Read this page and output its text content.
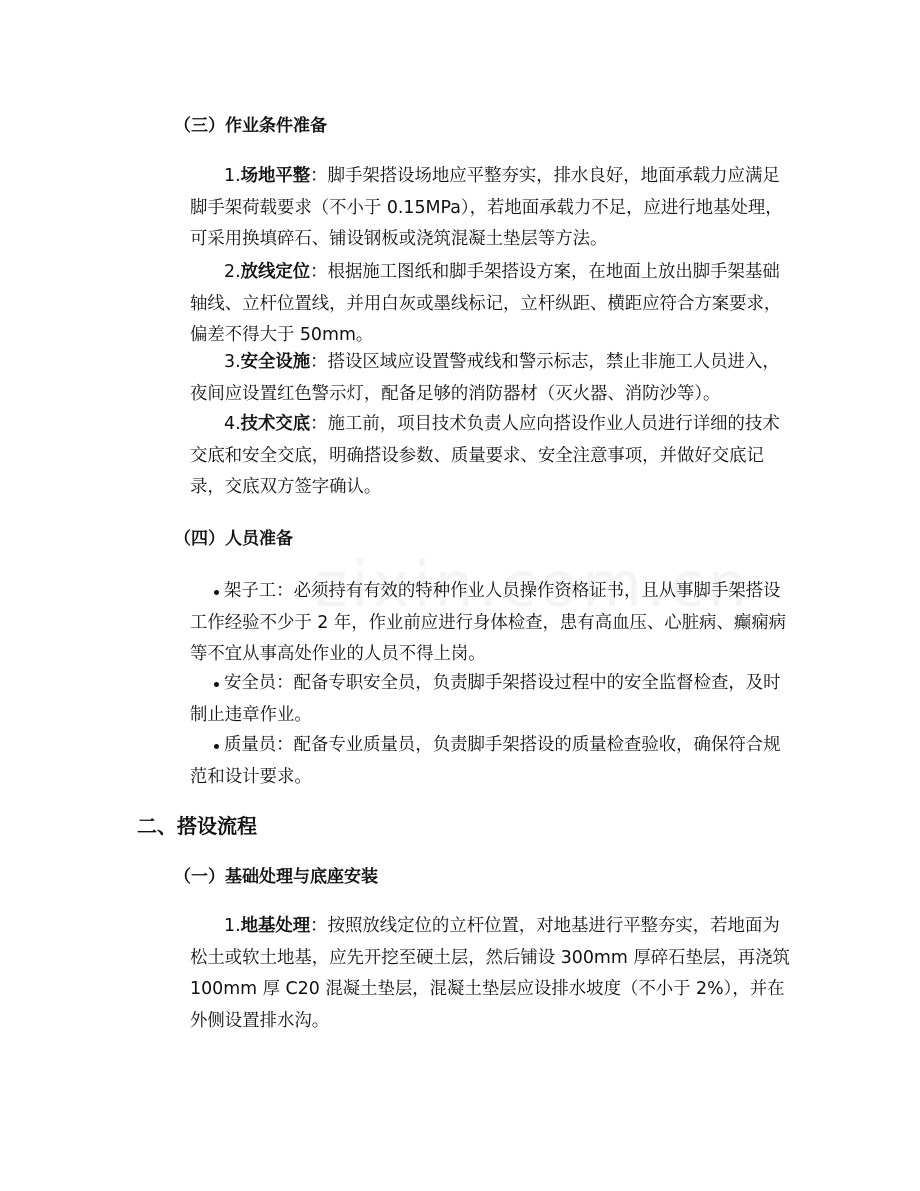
（三）作业条件准备

1.场地平整：脚手架搭设场地应平整夯实，排水良好，地面承载力应满足脚手架荷载要求（不小于 0.15MPa），若地面承载力不足，应进行地基处理，可采用换填碎石、铺设钢板或浇筑混凝土垫层等方法。

2.放线定位：根据施工图纸和脚手架搭设方案，在地面上放出脚手架基础轴线、立杆位置线，并用白灰或墨线标记，立杆纵距、横距应符合方案要求，偏差不得大于 50mm。

3.安全设施：搭设区域应设置警戒线和警示标志，禁止非施工人员进入，夜间应设置红色警示灯，配备足够的消防器材（灭火器、消防沙等）。

4.技术交底：施工前，项目技术负责人应向搭设作业人员进行详细的技术交底和安全交底，明确搭设参数、质量要求、安全注意事项，并做好交底记录，交底双方签字确认。

（四）人员准备

架子工：必须持有有效的特种作业人员操作资格证书，且从事脚手架搭设工作经验不少于 2 年，作业前应进行身体检查，患有高血压、心脏病、癫痫病等不宜从事高处作业的人员不得上岗。

安全员：配备专职安全员，负责脚手架搭设过程中的安全监督检查，及时制止违章作业。

质量员：配备专业质量员，负责脚手架搭设的质量检查验收，确保符合规范和设计要求。

二、搭设流程
（一）基础处理与底座安装

1.地基处理：按照放线定位的立杆位置，对地基进行平整夯实，若地面为松土或软土地基，应先开挖至硬土层，然后铺设 300mm 厚碎石垫层，再浇筑 100mm 厚 C20 混凝土垫层，混凝土垫层应设排水坡度（不小于 2%），并在外侧设置排水沟。
